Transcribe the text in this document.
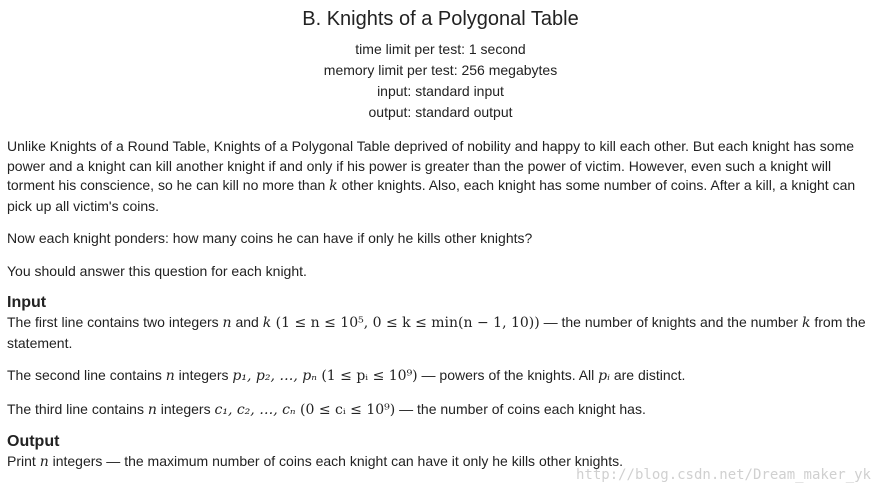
B. Knights of a Polygonal Table
time limit per test: 1 second
memory limit per test: 256 megabytes
input: standard input
output: standard output

Unlike Knights of a Round Table, Knights of a Polygonal Table deprived of nobility and happy to kill each other. But each knight has some power and a knight can kill another knight if and only if his power is greater than the power of victim. However, even such a knight will torment his conscience, so he can kill no more than k other knights. Also, each knight has some number of coins. After a kill, a knight can pick up all victim's coins.

Now each knight ponders: how many coins he can have if only he kills other knights?

You should answer this question for each knight.

Input

The first line contains two integers n and k (1 ≤ n ≤ 10⁵, 0 ≤ k ≤ min(n − 1, 10)) — the number of knights and the number k from the statement.

The second line contains n integers p₁, p₂, …, pₙ (1 ≤ pᵢ ≤ 10⁹) — powers of the knights. All pᵢ are distinct.

The third line contains n integers c₁, c₂, …, cₙ (0 ≤ cᵢ ≤ 10⁹) — the number of coins each knight has.

Output

Print n integers — the maximum number of coins each knight can have it only he kills other knights.

http://blog.csdn.net/Dream_maker_yk
